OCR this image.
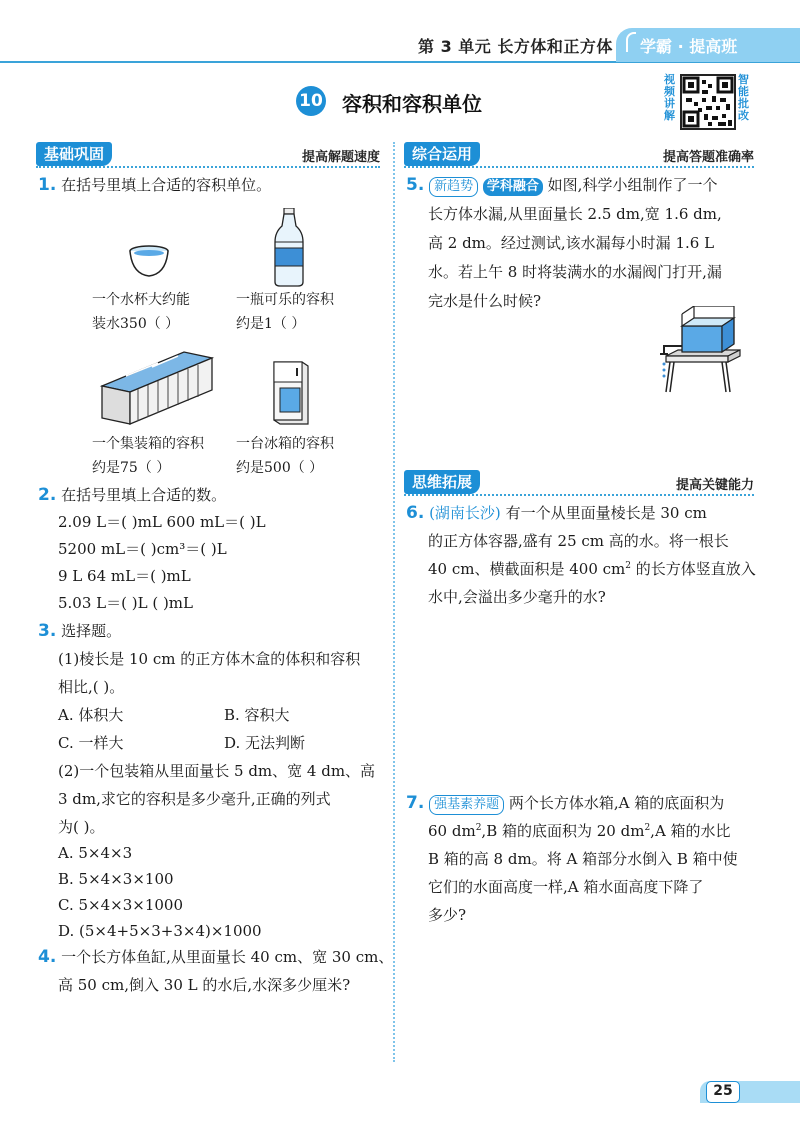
第 3 单元 长方体和正方体 学霸 · 提高班
10 容积和容积单位
视频讲解
智能批改
基础巩固	提高解题速度	综合运用	提高答题准确率
思维拓展	提高关键能力
1. 在括号里填上合适的容积单位。
一个水杯大约能
装水350（ ）
一瓶可乐的容积
约是1（ ）
一个集装箱的容积
约是75（ ）
一台冰箱的容积
约是500（ ）
2. 在括号里填上合适的数。
2.09 L＝( )mL 600 mL＝( )L
5200 mL＝( )cm³＝( )L
9 L 64 mL＝( )mL
5.03 L＝( )L ( )mL
3. 选择题。
(1)棱长是 10 cm 的正方体木盒的体积和容积
相比,( )。
A. 体积大	B. 容积大
C. 一样大	D. 无法判断
(2)一个包装箱从里面量长 5 dm、宽 4 dm、高
3 dm,求它的容积是多少毫升,正确的列式
为( )。
A. 5×4×3
B. 5×4×3×100
C. 5×4×3×1000
D. (5×4+5×3+3×4)×1000
4. 一个长方体鱼缸,从里面量长 40 cm、宽 30 cm、
高 50 cm,倒入 30 L 的水后,水深多少厘米?
5. 新趋势 学科融合 如图,科学小组制作了一个
长方体水漏,从里面量长 2.5 dm,宽 1.6 dm,
高 2 dm。经过测试,该水漏每小时漏 1.6 L
水。若上午 8 时将装满水的水漏阀门打开,漏
完水是什么时候?
6. (湖南长沙) 有一个从里面量棱长是 30 cm
的正方体容器,盛有 25 cm 高的水。将一根长
40 cm、横截面积是 400 $cm^2$ 的长方体竖直放入
水中,会溢出多少毫升的水?
7. 强基素养题 两个长方体水箱,A 箱的底面积为
60 $dm^2,B$ 箱的底面积为 20 $dm^2,A$ 箱的水比
B 箱的高 8 dm。将 A 箱部分水倒入 B 箱中使
它们的水面高度一样,A 箱水面高度下降了
多少?
25
